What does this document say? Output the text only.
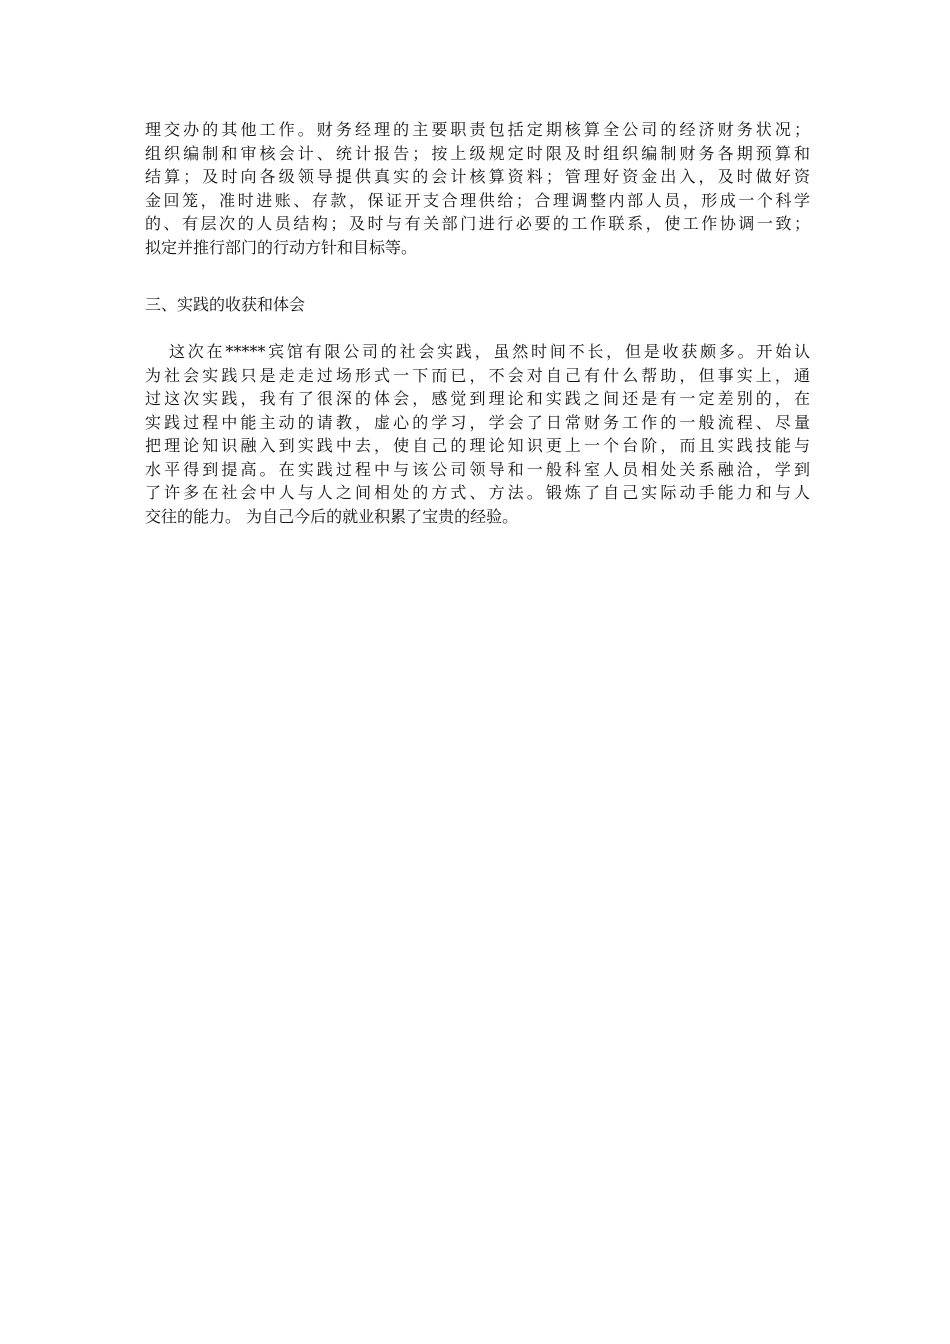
理交办的其他工作。财务经理的主要职责包括定期核算全公司的经济财务状况；
组织编制和审核会计、统计报告；按上级规定时限及时组织编制财务各期预算和
结算；及时向各级领导提供真实的会计核算资料；管理好资金出入，及时做好资
金回笼，准时进账、存款，保证开支合理供给；合理调整内部人员，形成一个科学
的、有层次的人员结构；及时与有关部门进行必要的工作联系，使工作协调一致；
拟定并推行部门的行动方针和目标等。
三、实践的收获和体会
这次在*****宾馆有限公司的社会实践，虽然时间不长，但是收获颇多。开始认
为社会实践只是走走过场形式一下而已，不会对自己有什么帮助，但事实上，通
过这次实践，我有了很深的体会，感觉到理论和实践之间还是有一定差别的，在
实践过程中能主动的请教，虚心的学习，学会了日常财务工作的一般流程、尽量
把理论知识融入到实践中去，使自己的理论知识更上一个台阶，而且实践技能与
水平得到提高。在实践过程中与该公司领导和一般科室人员相处关系融洽，学到
了许多在社会中人与人之间相处的方式、方法。锻炼了自己实际动手能力和与人
交往的能力。 为自己今后的就业积累了宝贵的经验。
